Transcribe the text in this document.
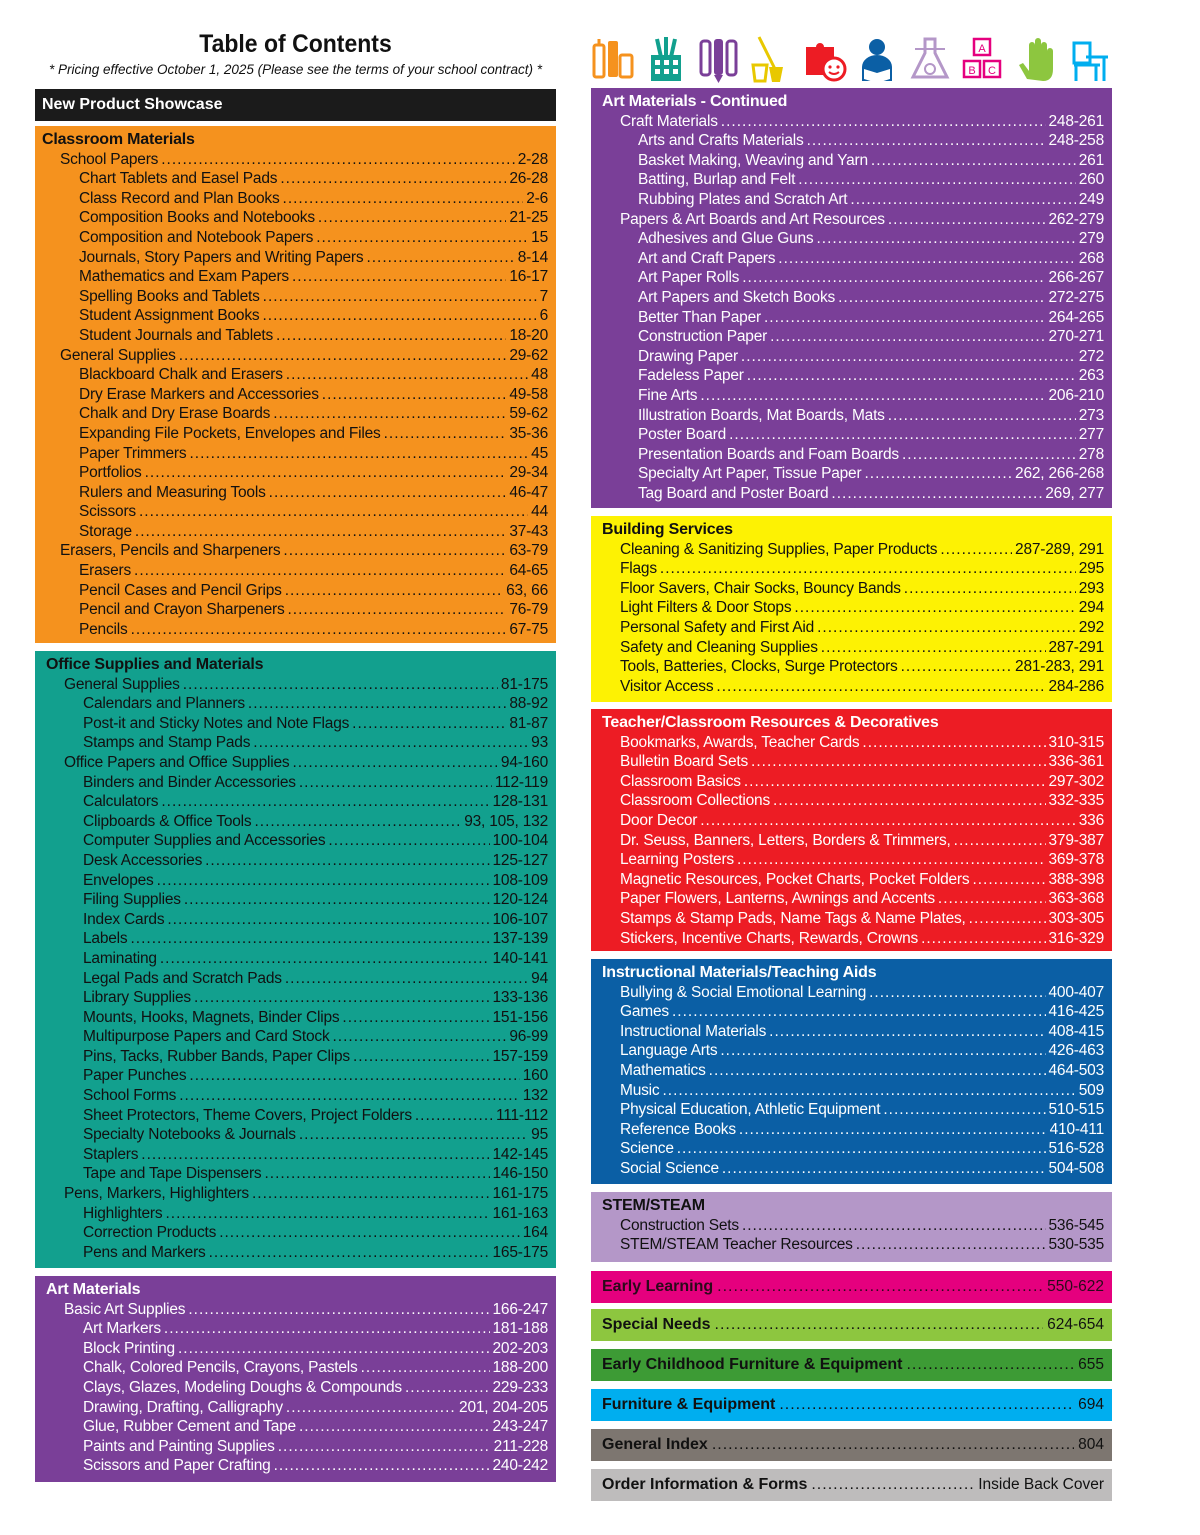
Table of Contents
* Pricing effective October 1, 2025 (Please see the terms of your school contract) *
A
B C
New Product Showcase
Classroom Materials
School Papers .....	2-28
Chart Tablets and Easel Pads .....	26-28
Class Record and Plan Books .....	2-6
Composition Books and Notebooks .....	21-25
Composition and Notebook Papers .....	15
Journals, Story Papers and Writing Papers .....	8-14
Mathematics and Exam Papers .....	16-17
Spelling Books and Tablets .....	7
Student Assignment Books .....	6
Student Journals and Tablets .....	18-20
General Supplies .....	29-62
Blackboard Chalk and Erasers .....	48
Dry Erase Markers and Accessories .....	49-58
Chalk and Dry Erase Boards .....	59-62
Expanding File Pockets, Envelopes and Files .....	35-36
Paper Trimmers .....	45
Portfolios .....	29-34
Rulers and Measuring Tools .....	46-47
Scissors .....	44
Storage .....	37-43
Erasers, Pencils and Sharpeners .....	63-79
Erasers .....	64-65
Pencil Cases and Pencil Grips .....	63, 66
Pencil and Crayon Sharpeners .....	76-79
Pencils .....	67-75
Office Supplies and Materials
General Supplies .....	81-175
Calendars and Planners .....	88-92
Post-it and Sticky Notes and Note Flags .....	81-87
Stamps and Stamp Pads .....	93
Office Papers and Office Supplies .....	94-160
Binders and Binder Accessories .....	112-119
Calculators .....	128-131
Clipboards & Office Tools .....	93, 105, 132
Computer Supplies and Accessories .....	100-104
Desk Accessories .....	125-127
Envelopes .....	108-109
Filing Supplies .....	120-124
Index Cards .....	106-107
Labels .....	137-139
Laminating .....	140-141
Legal Pads and Scratch Pads .....	94
Library Supplies .....	133-136
Mounts, Hooks, Magnets, Binder Clips .....	151-156
Multipurpose Papers and Card Stock .....	96-99
Pins, Tacks, Rubber Bands, Paper Clips .....	157-159
Paper Punches .....	160
School Forms .....	132
Sheet Protectors, Theme Covers, Project Folders .....	111-112
Specialty Notebooks & Journals .....	95
Staplers .....	142-145
Tape and Tape Dispensers .....	146-150
Pens, Markers, Highlighters .....	161-175
Highlighters .....	161-163
Correction Products .....	164
Pens and Markers .....	165-175
Art Materials
Basic Art Supplies .....	166-247
Art Markers .....	181-188
Block Printing .....	202-203
Chalk, Colored Pencils, Crayons, Pastels .....	188-200
Clays, Glazes, Modeling Doughs & Compounds .....	229-233
Drawing, Drafting, Calligraphy .....	201, 204-205
Glue, Rubber Cement and Tape .....	243-247
Paints and Painting Supplies .....	211-228
Scissors and Paper Crafting .....	240-242
Art Materials - Continued
Craft Materials .....	248-261
Arts and Crafts Materials .....	248-258
Basket Making, Weaving and Yarn .....	261
Batting, Burlap and Felt .....	260
Rubbing Plates and Scratch Art .....	249
Papers & Art Boards and Art Resources .....	262-279
Adhesives and Glue Guns .....	279
Art and Craft Papers .....	268
Art Paper Rolls .....	266-267
Art Papers and Sketch Books .....	272-275
Better Than Paper .....	264-265
Construction Paper .....	270-271
Drawing Paper .....	272
Fadeless Paper .....	263
Fine Arts .....	206-210
Illustration Boards, Mat Boards, Mats .....	273
Poster Board .....	277
Presentation Boards and Foam Boards .....	278
Specialty Art Paper, Tissue Paper .....	262, 266-268
Tag Board and Poster Board .....	269, 277
Building Services
Cleaning & Sanitizing Supplies, Paper Products .....	287-289, 291
Flags .....	295
Floor Savers, Chair Socks, Bouncy Bands .....	293
Light Filters & Door Stops .....	294
Personal Safety and First Aid .....	292
Safety and Cleaning Supplies .....	287-291
Tools, Batteries, Clocks, Surge Protectors .....	281-283, 291
Visitor Access .....	284-286
Teacher/Classroom Resources & Decoratives
Bookmarks, Awards, Teacher Cards .....	310-315
Bulletin Board Sets .....	336-361
Classroom Basics .....	297-302
Classroom Collections .....	332-335
Door Decor .....	336
Dr. Seuss, Banners, Letters, Borders & Trimmers, .....	379-387
Learning Posters .....	369-378
Magnetic Resources, Pocket Charts, Pocket Folders .....	388-398
Paper Flowers, Lanterns, Awnings and Accents .....	363-368
Stamps & Stamp Pads, Name Tags & Name Plates, .....	303-305
Stickers, Incentive Charts, Rewards, Crowns .....	316-329
Instructional Materials/Teaching Aids
Bullying & Social Emotional Learning .....	400-407
Games .....	416-425
Instructional Materials .....	408-415
Language Arts .....	426-463
Mathematics .....	464-503
Music .....	509
Physical Education, Athletic Equipment .....	510-515
Reference Books .....	410-411
Science .....	516-528
Social Science .....	504-508
STEM/STEAM
Construction Sets .....	536-545
STEM/STEAM Teacher Resources .....	530-535
Early Learning .....	550-622
Special Needs .....	624-654
Early Childhood Furniture & Equipment .....	655
Furniture & Equipment .....	694
General Index .....	804
Order Information & Forms .....	Inside Back Cover
